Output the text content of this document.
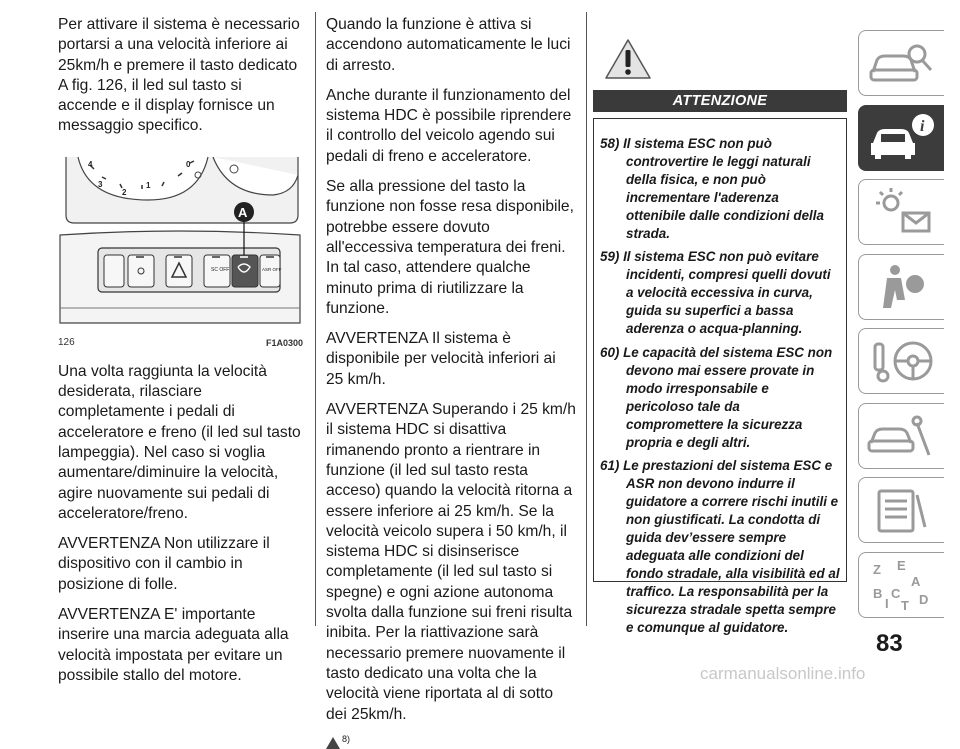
Per attivare il sistema è necessario portarsi a una velocità inferiore ai 25km/h e premere il tasto dedicato A fig. 126, il led sul tasto si accende e il display fornisce un messaggio specifico.

4
3
2
1
0
SC OFF	ASR OFF
A
126	F1A0300

Una volta raggiunta la velocità desiderata, rilasciare completamente i pedali di acceleratore e freno (il led sul tasto lampeggia). Nel caso si voglia aumentare/diminuire la velocità, agire nuovamente sui pedali di acceleratore/freno.

AVVERTENZA Non utilizzare il dispositivo con il cambio in posizione di folle.

AVVERTENZA E' importante inserire una marcia adeguata alla velocità impostata per evitare un possibile stallo del motore.

Quando la funzione è attiva si accendono automaticamente le luci di arresto.

Anche durante il funzionamento del sistema HDC è possibile riprendere il controllo del veicolo agendo sui pedali di freno e acceleratore.

Se alla pressione del tasto la funzione non fosse resa disponibile, potrebbe essere dovuto all'eccessiva temperatura dei freni. In tal caso, attendere qualche minuto prima di riutilizzare la funzione.

AVVERTENZA Il sistema è disponibile per velocità inferiori ai 25 km/h.

AVVERTENZA Superando i 25 km/h il sistema HDC si disattiva rimanendo pronto a rientrare in funzione (il led sul tasto resta acceso) quando la velocità ritorna a essere inferiore ai 25 km/h. Se la velocità veicolo supera i 50 km/h, il sistema HDC si disinserisce completamente (il led sul tasto si spegne) e ogni azione autonoma svolta dalla funzione sui freni risulta inibita. Per la riattivazione sarà necessario premere nuovamente il tasto dedicato una volta che la velocità viene riportata al di sotto dei 25km/h.

8)
ATTENZIONE
58) Il sistema ESC non può controvertire le leggi naturali della fisica, e non può incrementare l'aderenza ottenibile dalle condizioni della strada.
59) Il sistema ESC non può evitare incidenti, compresi quelli dovuti a velocità eccessiva in curva, guida su superfici a bassa aderenza o acqua-planning.
60) Le capacità del sistema ESC non devono mai essere provate in modo irresponsabile e pericoloso tale da compromettere la sicurezza propria e degli altri.
61) Le prestazioni del sistema ESC e ASR non devono indurre il guidatore a correre rischi inutili e non giustificati. La condotta di guida dev’essere sempre adeguata alle condizioni del fondo stradale, alla visibilità ed al traffico. La responsabilità per la sicurezza stradale spetta sempre e comunque al guidatore.
i
Z E
A
B
I
C
T D
83
carmanualsonline.info
